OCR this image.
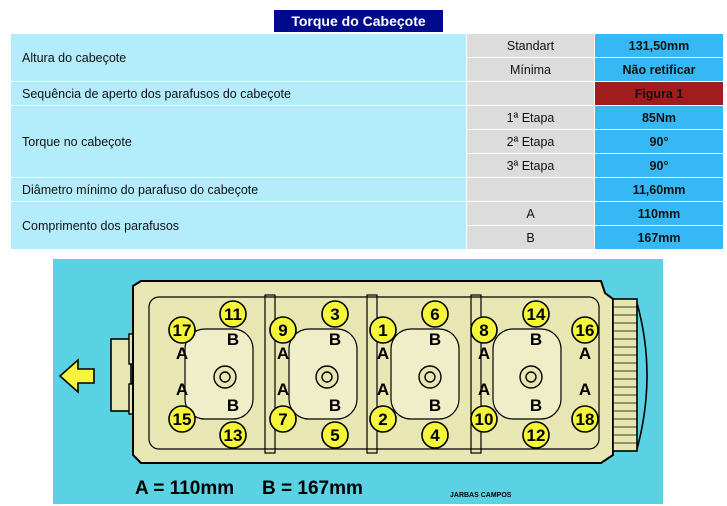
Torque do Cabeçote
Altura do cabeçote	Standart	131,50mm
	Mínima	Não retificar
Sequência de aperto dos parafusos do cabeçote		Figura 1
Torque no cabeçote	1ª Etapa	85Nm
	2ª Etapa	90°
	3ª Etapa	90°
Diâmetro mínimo do parafuso do cabeçote		11,60mm
Comprimento dos parafusos	A	110mm
	B	167mm
A = 110mm B = 167mm	JARBAS CAMPOS
17
A
11
B 9
A
3
B 1
A
6
B 8
A
14
B 16
A
15
A
13
B
7
A
5
B
2
A
4
B
10
A
12
B
18
A
